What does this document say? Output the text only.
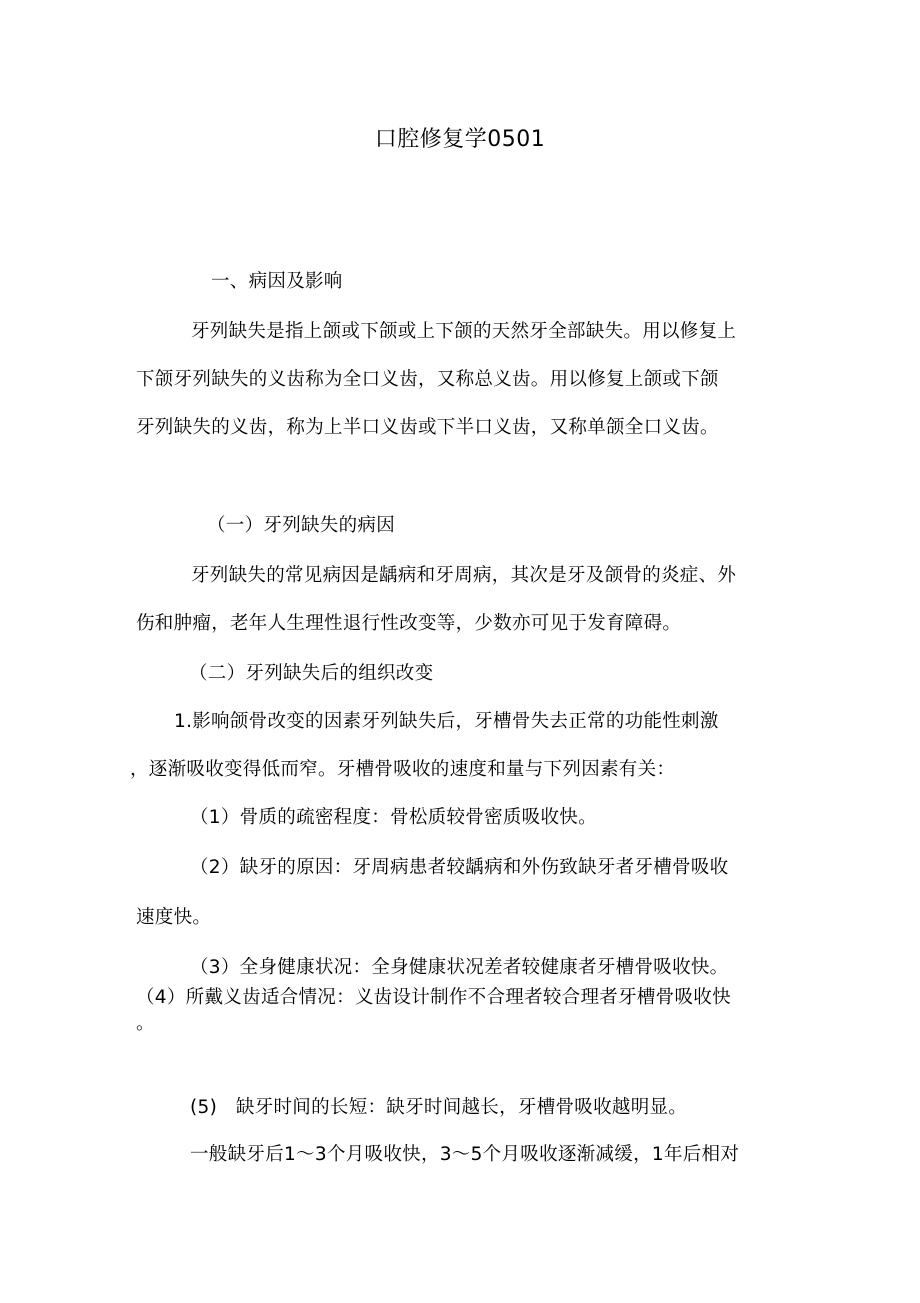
口腔修复学0501
一、病因及影响
牙列缺失是指上颌或下颌或上下颌的天然牙全部缺失。用以修复上
下颌牙列缺失的义齿称为全口义齿，又称总义齿。用以修复上颌或下颌
牙列缺失的义齿，称为上半口义齿或下半口义齿，又称单颌全口义齿。
（一）牙列缺失的病因
牙列缺失的常见病因是龋病和牙周病，其次是牙及颌骨的炎症、外
伤和肿瘤，老年人生理性退行性改变等，少数亦可见于发育障碍。
（二）牙列缺失后的组织改变
1.影响颌骨改变的因素牙列缺失后，牙槽骨失去正常的功能性刺激
，逐渐吸收变得低而窄。牙槽骨吸收的速度和量与下列因素有关：
（1）骨质的疏密程度：骨松质较骨密质吸收快。
（2）缺牙的原因：牙周病患者较龋病和外伤致缺牙者牙槽骨吸收
速度快。
（3）全身健康状况：全身健康状况差者较健康者牙槽骨吸收快。
（4）所戴义齿适合情况：义齿设计制作不合理者较合理者牙槽骨吸收快
。
(5)　缺牙时间的长短：缺牙时间越长，牙槽骨吸收越明显。
一般缺牙后1～3个月吸收快，3～5个月吸收逐渐减缓，1年后相对
